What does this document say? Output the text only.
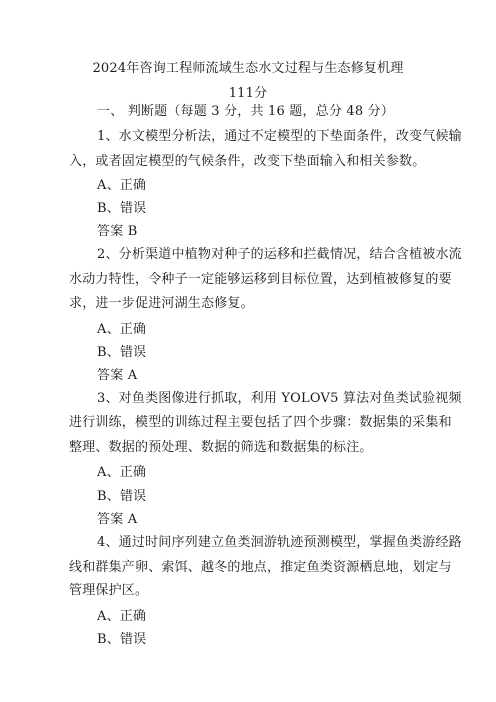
2024年咨询工程师流域生态水文过程与生态修复机理
111分
一、 判断题（每题 3 分，共 16 题，总分 48 分）
1、水文模型分析法，通过不定模型的下垫面条件，改变气候输
入，或者固定模型的气候条件，改变下垫面输入和相关参数。
A、正确
B、错误
答案 B
2、分析渠道中植物对种子的运移和拦截情况，结合含植被水流
水动力特性，令种子一定能够运移到目标位置，达到植被修复的要
求，进一步促进河湖生态修复。
A、正确
B、错误
答案 A
3、对鱼类图像进行抓取，利用 YOLOV5 算法对鱼类试验视频
进行训练，模型的训练过程主要包括了四个步骤：数据集的采集和
整理、数据的预处理、数据的筛选和数据集的标注。
A、正确
B、错误
答案 A
4、通过时间序列建立鱼类洄游轨迹预测模型，掌握鱼类游经路
线和群集产卵、索饵、越冬的地点，推定鱼类资源栖息地，划定与
管理保护区。
A、正确
B、错误
